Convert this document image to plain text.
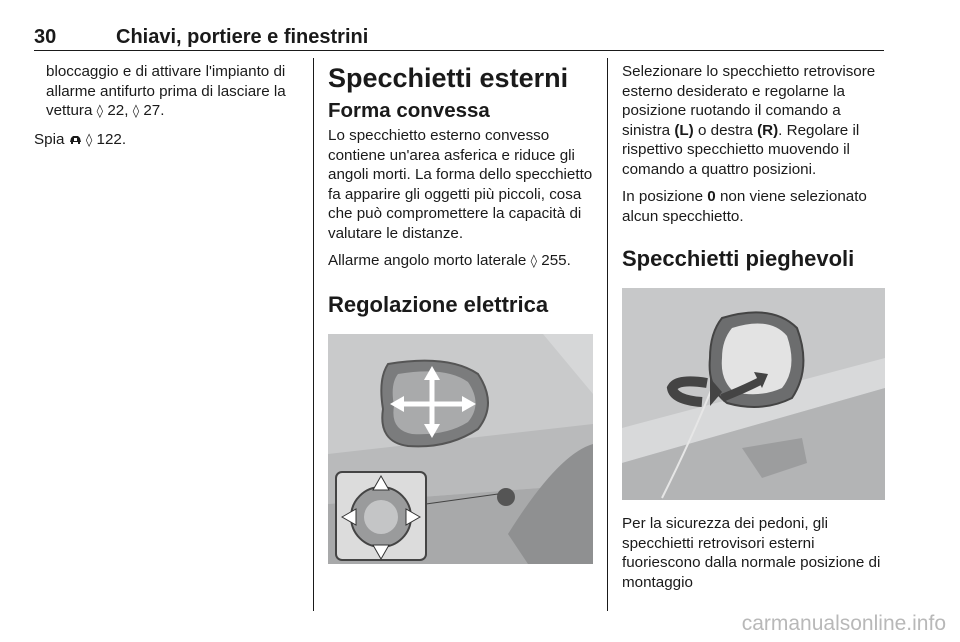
30	Chiavi, portiere e finestrini

bloccaggio e di attivare l'impianto di allarme antifurto prima di lasciare la vettura ◊ 22, ◊ 27.

Spia  ◊ 122.

Specchietti esterni
Forma convessa

Lo specchietto esterno convesso contiene un'area asferica e riduce gli angoli morti. La forma dello specchietto fa apparire gli oggetti più piccoli, cosa che può compromettere la capacità di valutare le distanze.

Allarme angolo morto laterale ◊ 255.

Regolazione elettrica

Selezionare lo specchietto retrovisore esterno desiderato e regolarne la posizione ruotando il comando a sinistra (L) o destra (R). Regolare il rispettivo specchietto muovendo il comando a quattro posizioni.

In posizione 0 non viene selezionato alcun specchietto.

Specchietti pieghevoli

Per la sicurezza dei pedoni, gli specchietti retrovisori esterni fuoriescono dalla normale posizione di montaggio

carmanualsonline.info
